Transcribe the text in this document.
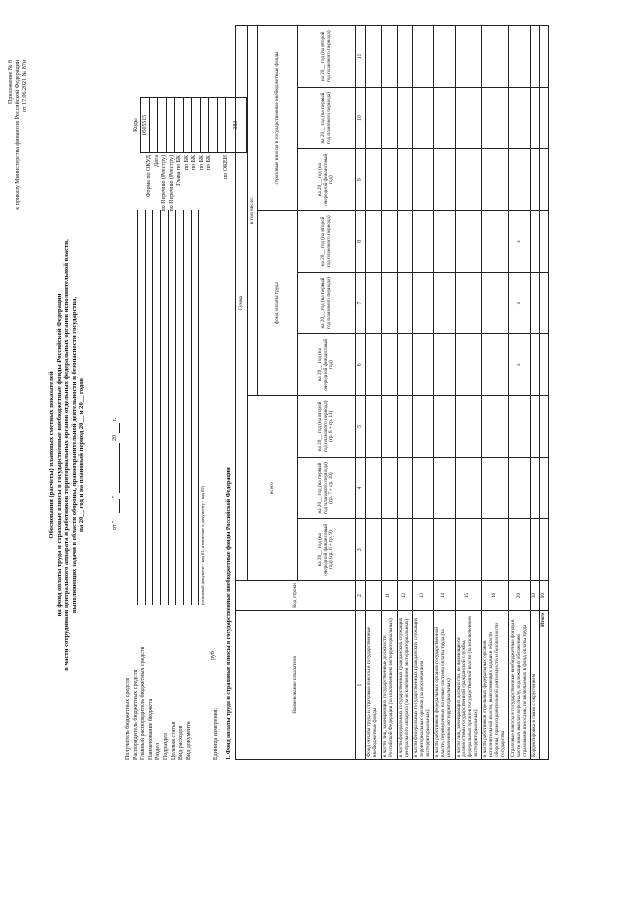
Приложение № 8 к приказу Министерства финансов Российской Федерации от 17.06.2021 № 87н
Обоснования (расчеты) плановых сметных показателей на фонд оплаты труда и страховые взносы в государственные внебюджетные фонды Российской Федерации в части сотрудников центрального аппарата и работников территориальных органов отдельных федеральных органов исполнительной власти, выполняющих задачи в области обороны, правоохранительной деятельности и безопасности государства, на 20__ год и на плановый период 20__ и 20__ годов	от "
"
20
г.
Получатель бюджетных средств Распорядитель бюджетных средств Главный распорядитель бюджетных средств Наименование бюджета Раздел Подраздел Целевая статья Вид расходов Вид документа
(основной документ - код 01; изменение к документу - код 02)
Форма по ОКУД Дата по Перечню (Реестру) по Перечню (Реестру) Глава по БК по БК по БК по БК по БК
Коды 0505515

383
по ОКЕИ
Единица измерения:
руб 1. Фонд оплаты труда и страховые взносы в государственные внебюджетные фонды Российской Федерации	Наименование показателя	Код строки	Сумма								
		всего			в том числе:					
					фонд оплаты труда			страховые взносы в государственные внебюджетные фонды		
		на 20__ год (на очередной финансовый год) (гр. 6 + гр. 9)	на 20__ год (на первый год планового периода) (гр. 7 + гр. 10)	на 20__ год (на второй год планового периода) (гр. 8 + гр. 11)	на 20__ год (на очередной финансовый год)	на 20__ год (на первый год планового периода)	на 20__ год (на второй год планового периода)	на 20__ год (на очередной финансовый год)	на 20__ год (на первый год планового периода)	на 20__ год (на второй год планового периода)
1	2	3	4	5	6	7	8	9	10	11
Фонд оплаты труда и страховые взносы в государственные внебюджетные фонды										
в части лиц, замещающих государственные должности Российской Федерации (за исключением экстерриториальных)	11									
в части федеральных государственных гражданских служащих центрального аппарата (за исключением экстерриториальных)	12									
в части федеральных государственных гражданских служащих территориальных органов (за исключением экстерриториальных)	13									
в части работников федеральных органов государственной власти, переведенных на новые системы оплаты труда (за исключением экстерриториальных)	14									
в части лиц, замещающих должности, не являющиеся должностями государственной гражданской службы, федеральных органов государственной власти (за исключением экстерриториальных)	15									
в части работников отдельных федеральных органов исполнительной власти, выполняющих задачи в области обороны, правоохранительной деятельности и безопасности государства	16									
Страховые взносы в государственные внебюджетные фонды в части иных выплат персоналу, подлежащих обложению страховыми взносами, не включаемых в фонд оплаты труда	20				x	x	x			
Корректировка в связи с округлением	30									
Итого	90									
